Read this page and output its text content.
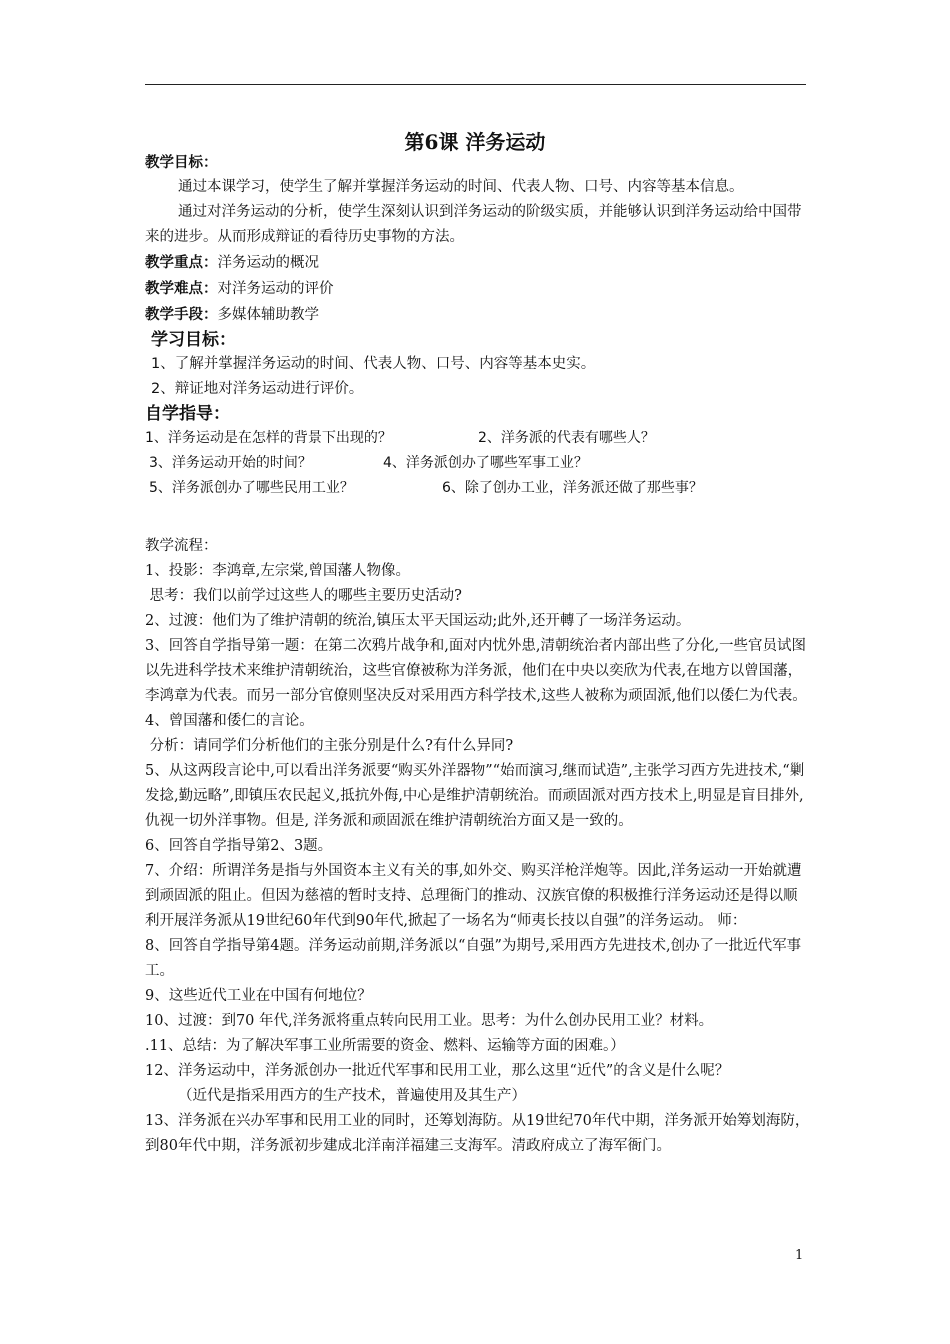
第6课 洋务运动

教学目标：

通过本课学习，使学生了解并掌握洋务运动的时间、代表人物、口号、内容等基本信息。

通过对洋务运动的分析，使学生深刻认识到洋务运动的阶级实质，并能够认识到洋务运动给中国带来的进步。从而形成辩证的看待历史事物的方法。

教学重点：洋务运动的概况

教学难点：对洋务运动的评价

教学手段：多媒体辅助教学

学习目标：

1、了解并掌握洋务运动的时间、代表人物、口号、内容等基本史实。

2、辩证地对洋务运动进行评价。

自学指导：

1、洋务运动是在怎样的背景下出现的？	2、洋务派的代表有哪些人？
3、洋务运动开始的时间？	4、洋务派创办了哪些军事工业？
5、洋务派创办了哪些民用工业？	6、除了创办工业，洋务派还做了那些事？

教学流程：

1、投影：李鸿章,左宗棠,曾国藩人物像。

思考：我们以前学过这些人的哪些主要历史活动?

2、过渡：他们为了维护清朝的统治,镇压太平天国运动;此外,还开轉了一场洋务运动。

3、回答自学指导第一题：在第二次鸦片战争和,面对内忧外患,清朝统治者内部出些了分化,一些官员试图以先进科学技术来维护清朝统治，这些官僚被称为洋务派，他们在中央以奕欣为代表,在地方以曾国藩，李鸿章为代表。而另一部分官僚则坚决反对采用西方科学技术,这些人被称为顽固派,他们以倭仁为代表。

4、曾国藩和倭仁的言论。

分析：请同学们分析他们的主张分别是什么?有什么异同?

5、从这两段言论中,可以看出洋务派要“购买外洋器物”“始而演习,继而试造”,主张学习西方先进技术,“剿发捻,勤远略”,即镇压农民起义,抵抗外侮,中心是维护清朝统治。而顽固派对西方技术上,明显是盲目排外,仇视一切外洋事物。但是, 洋务派和顽固派在维护清朝统治方面又是一致的。

6、回答自学指导第2、3题。

7、介绍：所谓洋务是指与外国资本主义有关的事,如外交、购买洋枪洋炮等。因此,洋务运动一开始就遭到顽固派的阻止。但因为慈禧的暂时支持、总理衙门的推动、汉族官僚的积极推行洋务运动还是得以顺利开展洋务派从19世纪60年代到90年代,掀起了一场名为“师夷长技以自强”的洋务运动。 师：

8、回答自学指导第4题。洋务运动前期,洋务派以“自强”为期号,采用西方先进技术,创办了一批近代军事工。

9、这些近代工业在中国有何地位？

10、过渡：到70 年代,洋务派将重点转向民用工业。思考：为什么创办民用工业？材料。

.11、总结：为了解决军事工业所需要的资金、燃料、运输等方面的困难。）

12、洋务运动中，洋务派创办一批近代军事和民用工业，那么这里“近代”的含义是什么呢？

（近代是指采用西方的生产技术，普遍使用及其生产）

13、洋务派在兴办军事和民用工业的同时，还筹划海防。从19世纪70年代中期，洋务派开始筹划海防，到80年代中期，洋务派初步建成北洋南洋福建三支海军。清政府成立了海军衙门。

1
